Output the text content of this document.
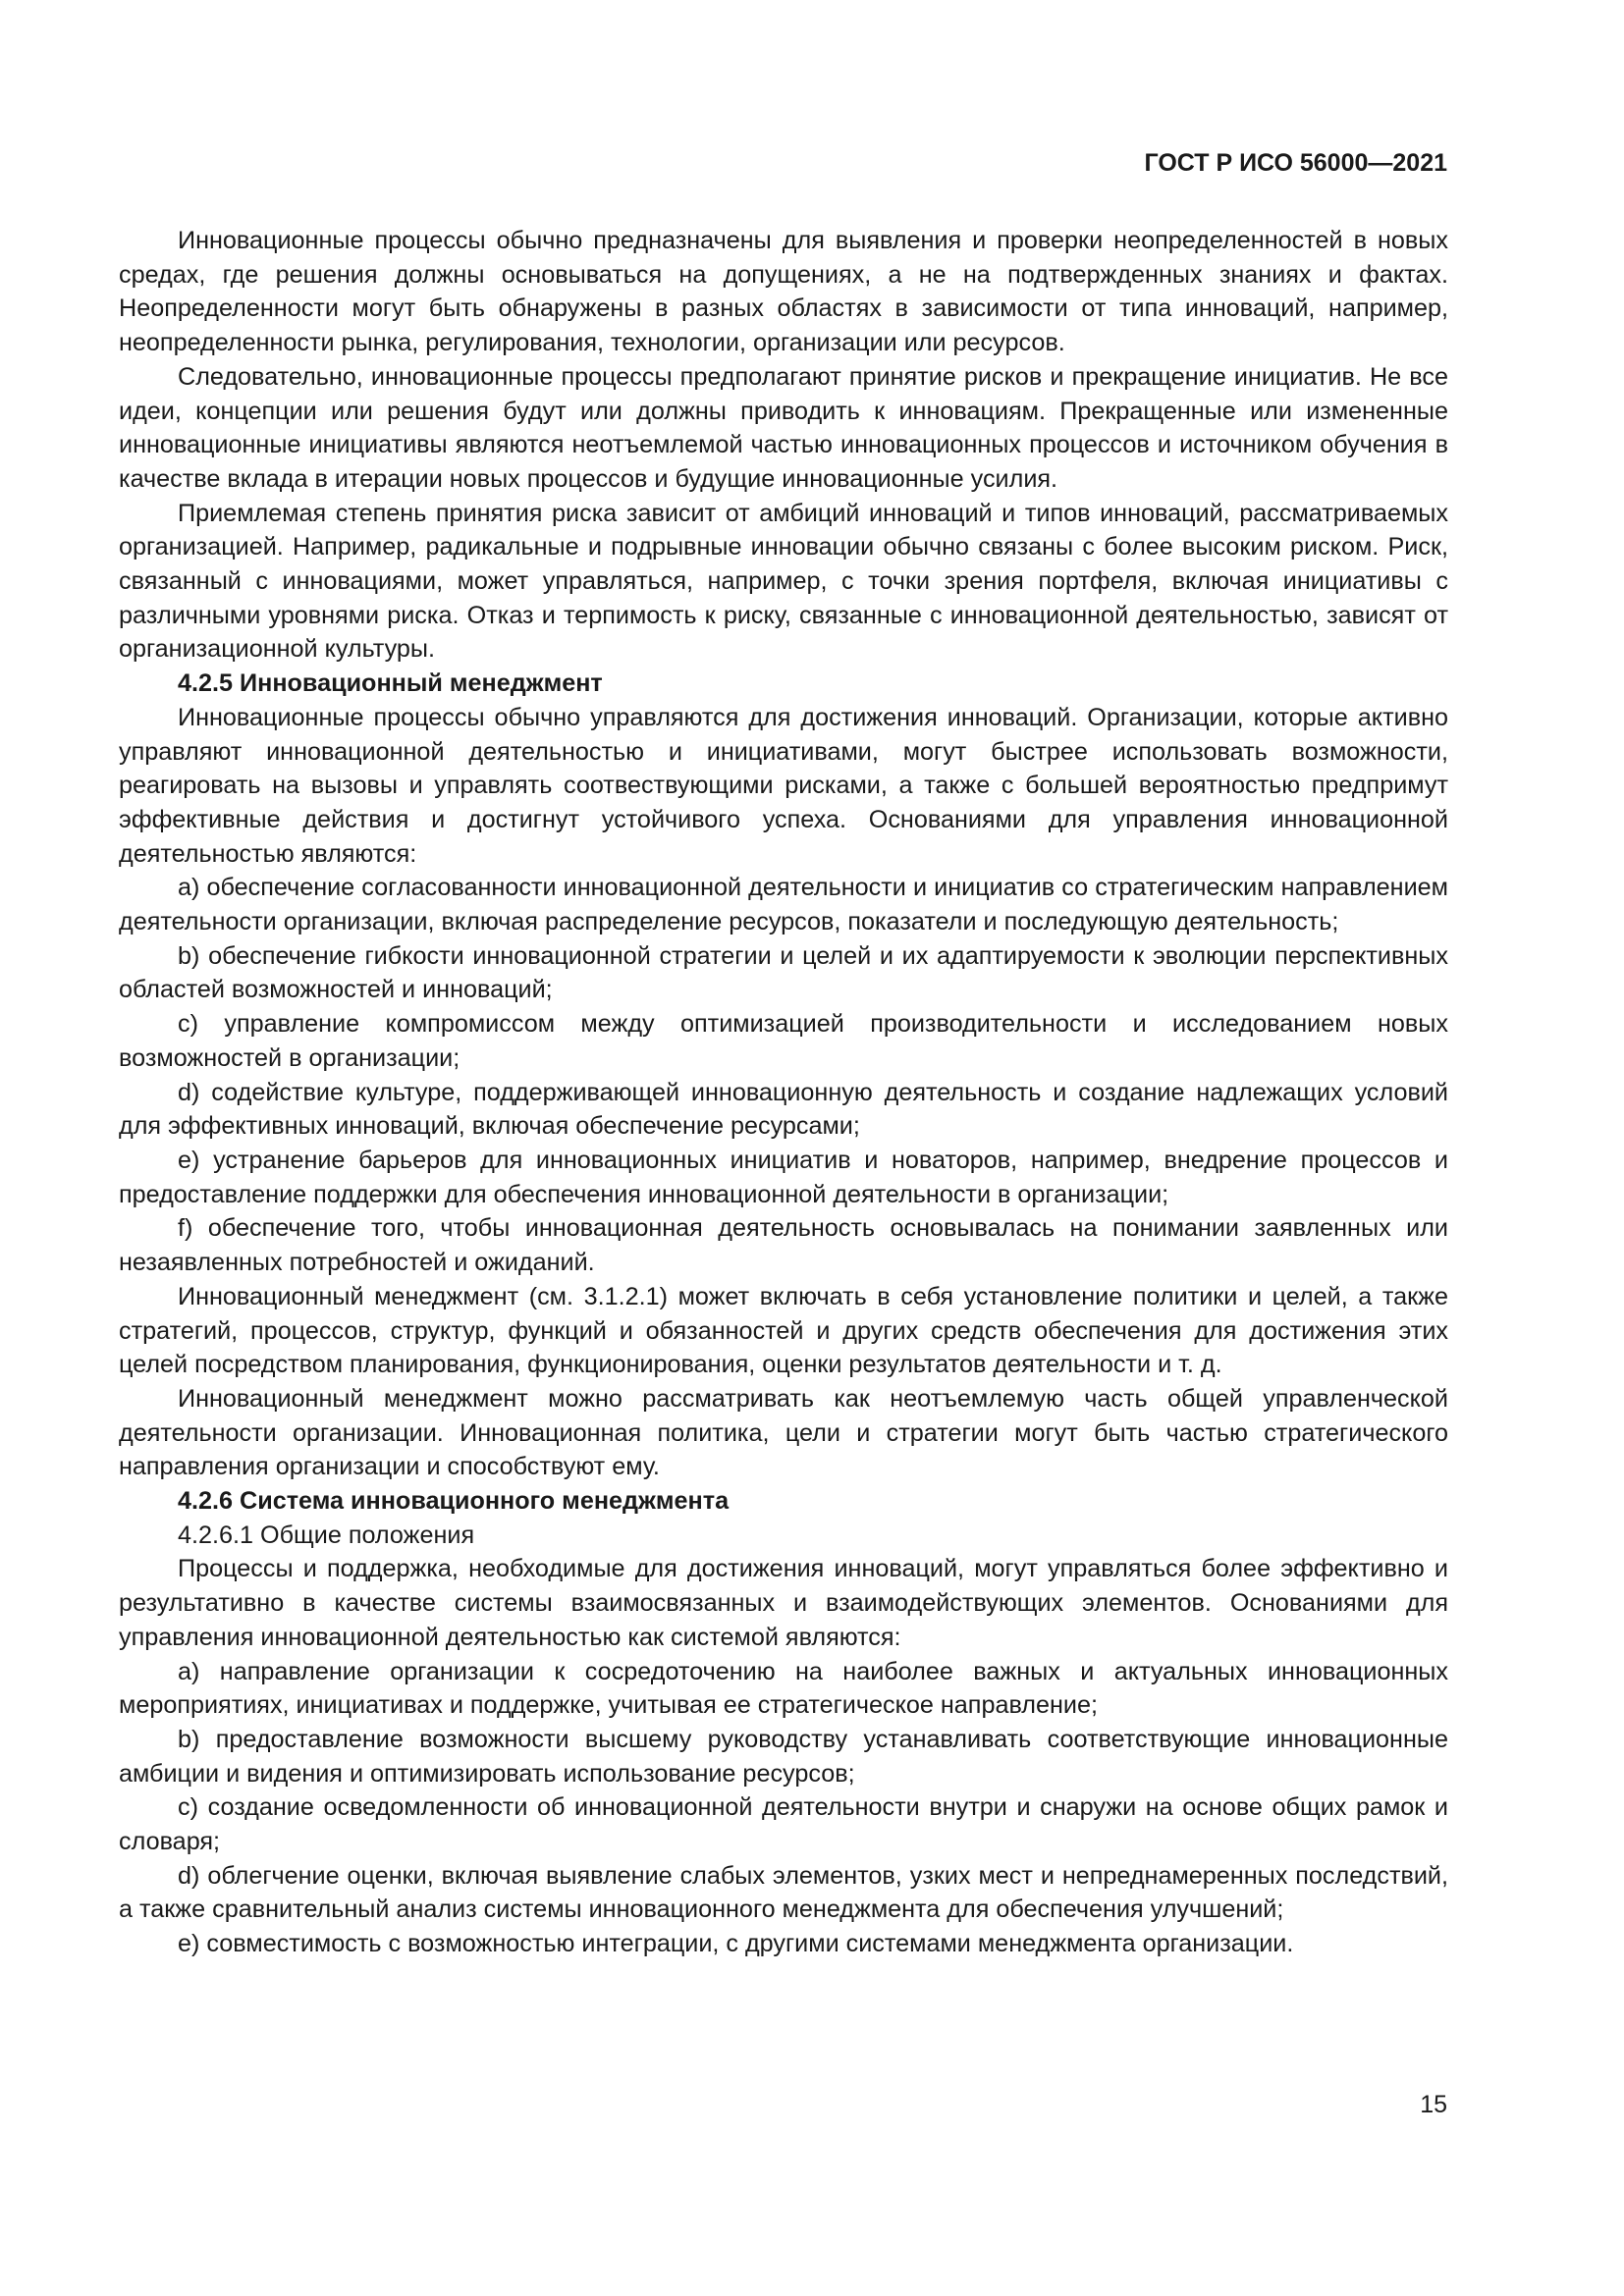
ГОСТ Р ИСО 56000—2021

Инновационные процессы обычно предназначены для выявления и проверки неопределенностей в новых средах, где решения должны основываться на допущениях, а не на подтвержденных знаниях и фактах. Неопределенности могут быть обнаружены в разных областях в зависимости от типа инноваций, например, неопределенности рынка, регулирования, технологии, организации или ресурсов.

Следовательно, инновационные процессы предполагают принятие рисков и прекращение инициатив. Не все идеи, концепции или решения будут или должны приводить к инновациям. Прекращенные или измененные инновационные инициативы являются неотъемлемой частью инновационных процессов и источником обучения в качестве вклада в итерации новых процессов и будущие инновационные усилия.

Приемлемая степень принятия риска зависит от амбиций инноваций и типов инноваций, рассматриваемых организацией. Например, радикальные и подрывные инновации обычно связаны с более высоким риском. Риск, связанный с инновациями, может управляться, например, с точки зрения портфеля, включая инициативы с различными уровнями риска. Отказ и терпимость к риску, связанные с инновационной деятельностью, зависят от организационной культуры.

4.2.5 Инновационный менеджмент

Инновационные процессы обычно управляются для достижения инноваций. Организации, которые активно управляют инновационной деятельностью и инициативами, могут быстрее использовать возможности, реагировать на вызовы и управлять соотвествующими рисками, а также с большей вероятностью предпримут эффективные действия и достигнут устойчивого успеха. Основаниями для управления инновационной деятельностью являются:

a) обеспечение согласованности инновационной деятельности и инициатив со стратегическим направлением деятельности организации, включая распределение ресурсов, показатели и последующую деятельность;

b) обеспечение гибкости инновационной стратегии и целей и их адаптируемости к эволюции перспективных областей возможностей и инноваций;

c) управление компромиссом между оптимизацией производительности и исследованием новых возможностей в организации;

d) содействие культуре, поддерживающей инновационную деятельность и создание надлежащих условий для эффективных инноваций, включая обеспечение ресурсами;

e) устранение барьеров для инновационных инициатив и новаторов, например, внедрение процессов и предоставление поддержки для обеспечения инновационной деятельности в организации;

f) обеспечение того, чтобы инновационная деятельность основывалась на понимании заявленных или незаявленных потребностей и ожиданий.

Инновационный менеджмент (см. 3.1.2.1) может включать в себя установление политики и целей, а также стратегий, процессов, структур, функций и обязанностей и других средств обеспечения для достижения этих целей посредством планирования, функционирования, оценки результатов деятельности и т. д.

Инновационный менеджмент можно рассматривать как неотъемлемую часть общей управленческой деятельности организации. Инновационная политика, цели и стратегии могут быть частью стратегического направления организации и способствуют ему.

4.2.6 Система инновационного менеджмента

4.2.6.1 Общие положения

Процессы и поддержка, необходимые для достижения инноваций, могут управляться более эффективно и результативно в качестве системы взаимосвязанных и взаимодействующих элементов. Основаниями для управления инновационной деятельностью как системой являются:

a) направление организации к сосредоточению на наиболее важных и актуальных инновационных мероприятиях, инициативах и поддержке, учитывая ее стратегическое направление;

b) предоставление возможности высшему руководству устанавливать соответствующие инновационные амбиции и видения и оптимизировать использование ресурсов;

c) создание осведомленности об инновационной деятельности внутри и снаружи на основе общих рамок и словаря;

d) облегчение оценки, включая выявление слабых элементов, узких мест и непреднамеренных последствий, а также сравнительный анализ системы инновационного менеджмента для обеспечения улучшений;

e) совместимость с возможностью интеграции, с другими системами менеджмента организации.

15
